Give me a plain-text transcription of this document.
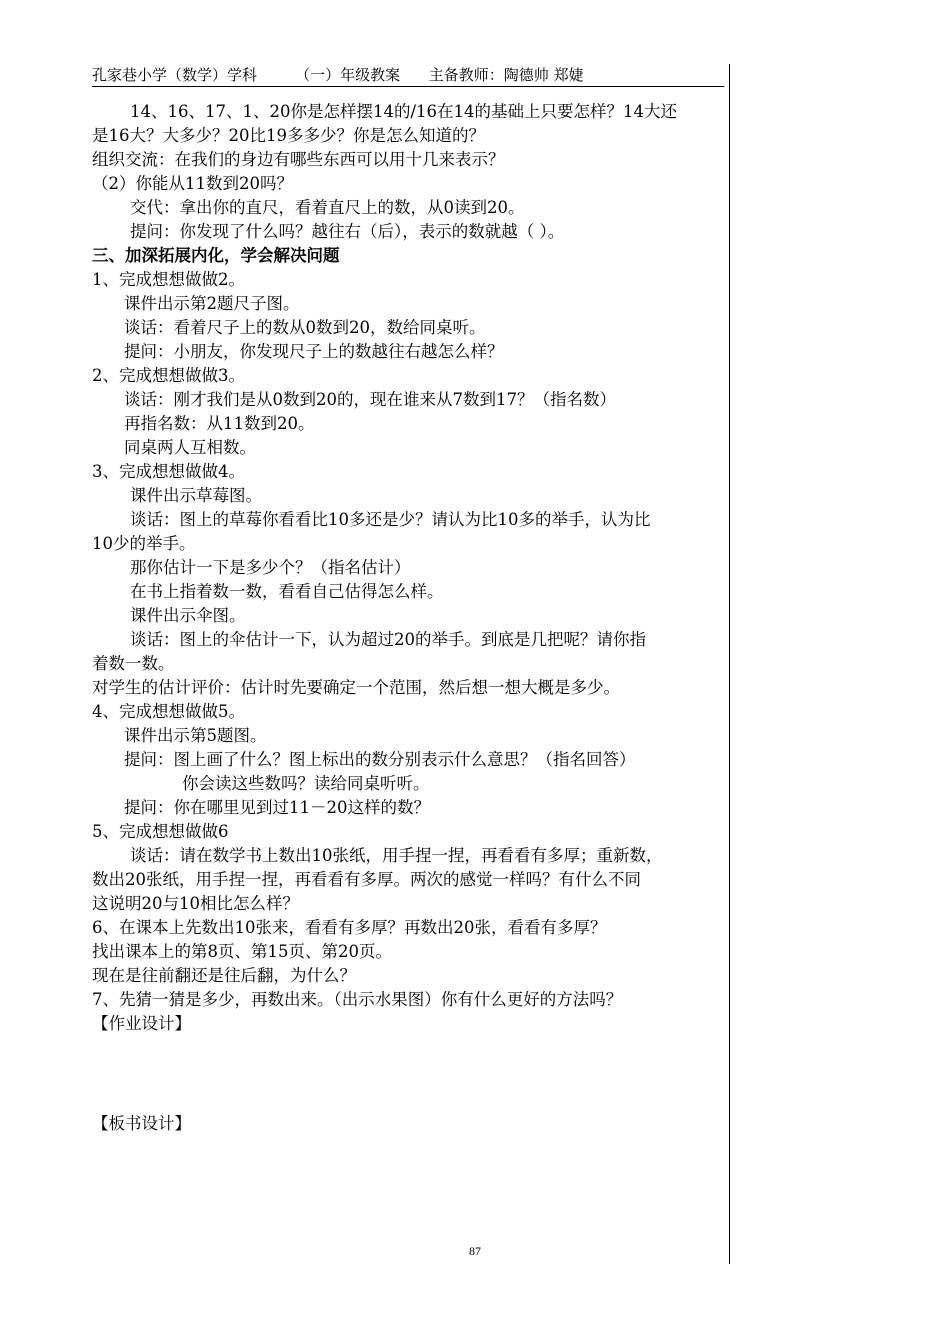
孔家巷小学（数学）学科	（一）年级教案 主备教师：陶德帅 郑婕
14、16、17、1、20你是怎样摆14的/16在14的基础上只要怎样？14大还
是16大？大多少？20比19多多少？你是怎么知道的？
组织交流：在我们的身边有哪些东西可以用十几来表示？
（2）你能从11数到20吗？
交代：拿出你的直尺，看着直尺上的数，从0读到20。
提问：你发现了什么吗？越往右（后），表示的数就越（ ）。
三、加深拓展内化，学会解决问题
1、完成想想做做2。
课件出示第2题尺子图。
谈话：看着尺子上的数从0数到20，数给同桌听。
提问：小朋友，你发现尺子上的数越往右越怎么样？
2、完成想想做做3。
谈话：刚才我们是从0数到20的，现在谁来从7数到17？（指名数）
再指名数：从11数到20。
同桌两人互相数。
3、完成想想做做4。
课件出示草莓图。
谈话：图上的草莓你看看比10多还是少？请认为比10多的举手，认为比
10少的举手。
那你估计一下是多少个？（指名估计）
在书上指着数一数，看看自己估得怎么样。
课件出示伞图。
谈话：图上的伞估计一下，认为超过20的举手。到底是几把呢？请你指
着数一数。
对学生的估计评价：估计时先要确定一个范围，然后想一想大概是多少。
4、完成想想做做5。
课件出示第5题图。
提问：图上画了什么？图上标出的数分别表示什么意思？（指名回答）
你会读这些数吗？读给同桌听听。
提问：你在哪里见到过11－20这样的数？
5、完成想想做做6
谈话：请在数学书上数出10张纸，用手捏一捏，再看看有多厚；重新数，
数出20张纸，用手捏一捏，再看看有多厚。两次的感觉一样吗？有什么不同
这说明20与10相比怎么样？
6、在课本上先数出10张来，看看有多厚？再数出20张，看看有多厚？
找出课本上的第8页、第15页、第20页。
现在是往前翻还是往后翻，为什么？
7、先猜一猜是多少，再数出来。（出示水果图）你有什么更好的方法吗？
【作业设计】
【板书设计】
87
